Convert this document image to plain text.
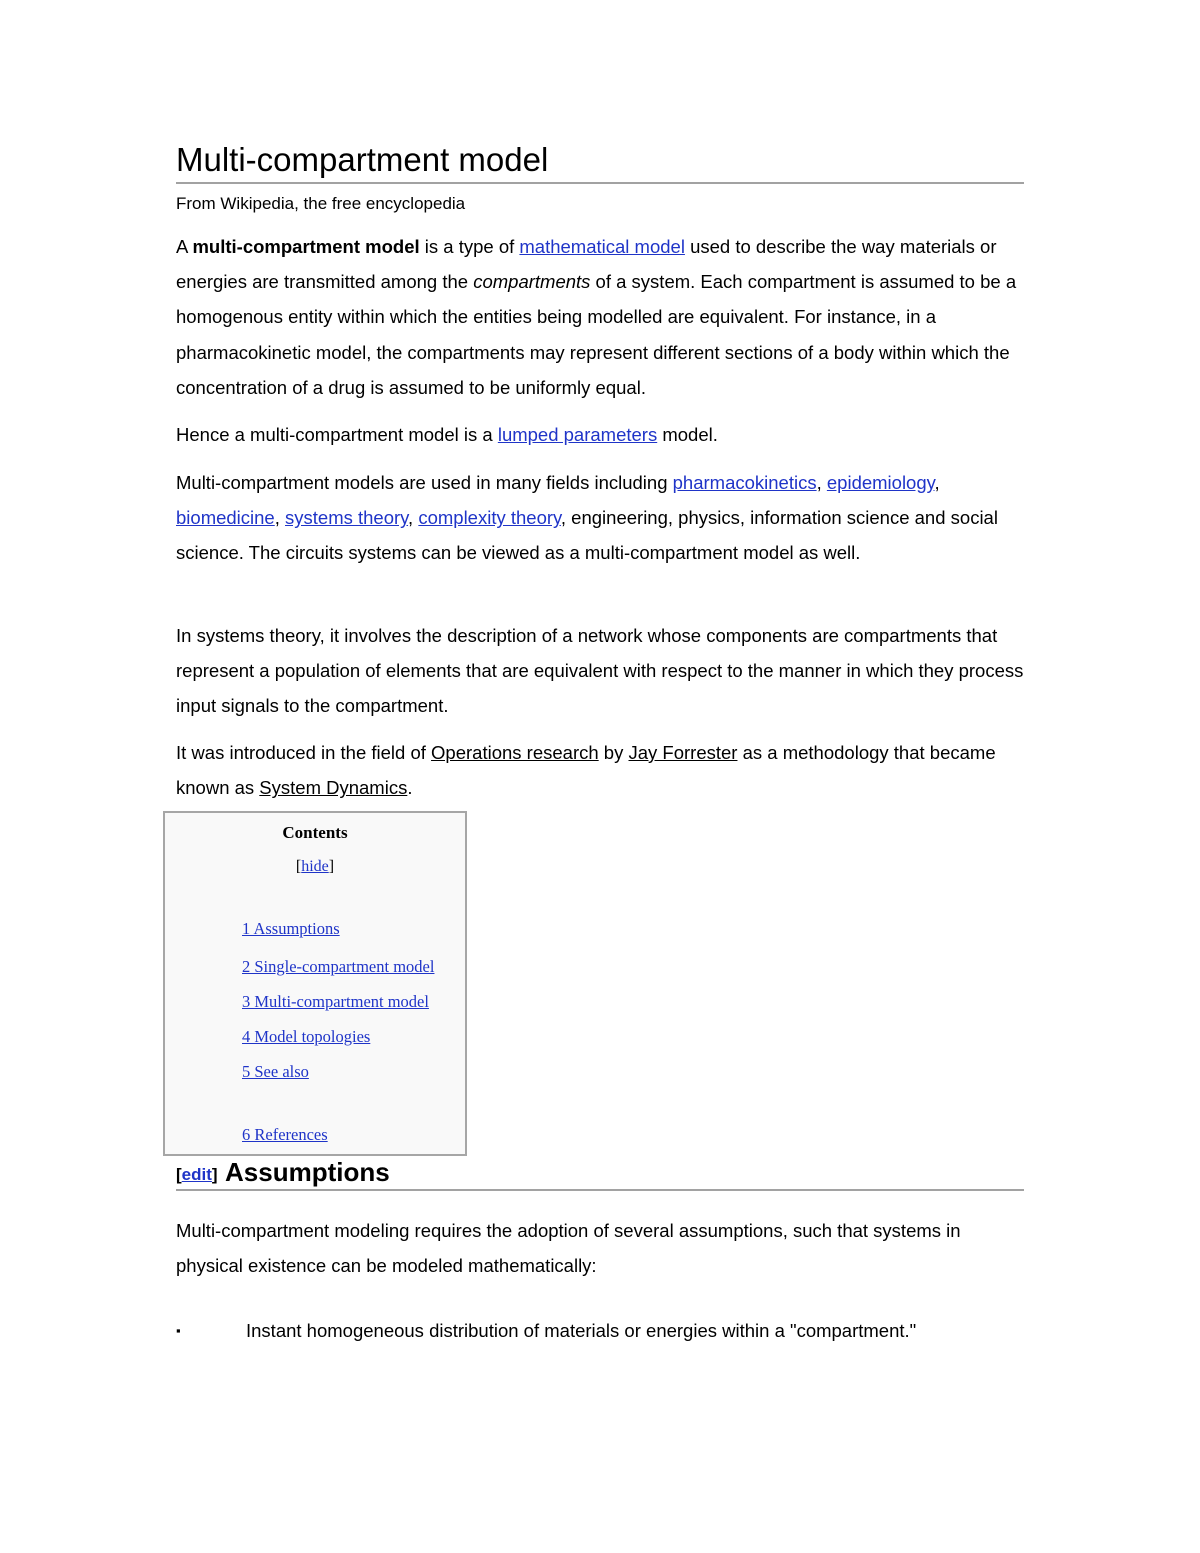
Multi-compartment model
From Wikipedia, the free encyclopedia

A multi-compartment model is a type of mathematical model used to describe the way materials or energies are transmitted among the compartments of a system. Each compartment is assumed to be a homogenous entity within which the entities being modelled are equivalent. For instance, in a pharmacokinetic model, the compartments may represent different sections of a body within which the concentration of a drug is assumed to be uniformly equal.

Hence a multi-compartment model is a lumped parameters model.

Multi-compartment models are used in many fields including pharmacokinetics, epidemiology, biomedicine, systems theory, complexity theory, engineering, physics, information science and social science. The circuits systems can be viewed as a multi-compartment model as well.

In systems theory, it involves the description of a network whose components are compartments that represent a population of elements that are equivalent with respect to the manner in which they process input signals to the compartment.

It was introduced in the field of Operations research by Jay Forrester as a methodology that became known as System Dynamics.

Contents
[hide]
1 Assumptions
2 Single-compartment model
3 Multi-compartment model
4 Model topologies
5 See also
6 References
[edit] Assumptions

Multi-compartment modeling requires the adoption of several assumptions, such that systems in physical existence can be modeled mathematically:

▪	Instant homogeneous distribution of materials or energies within a "compartment."
